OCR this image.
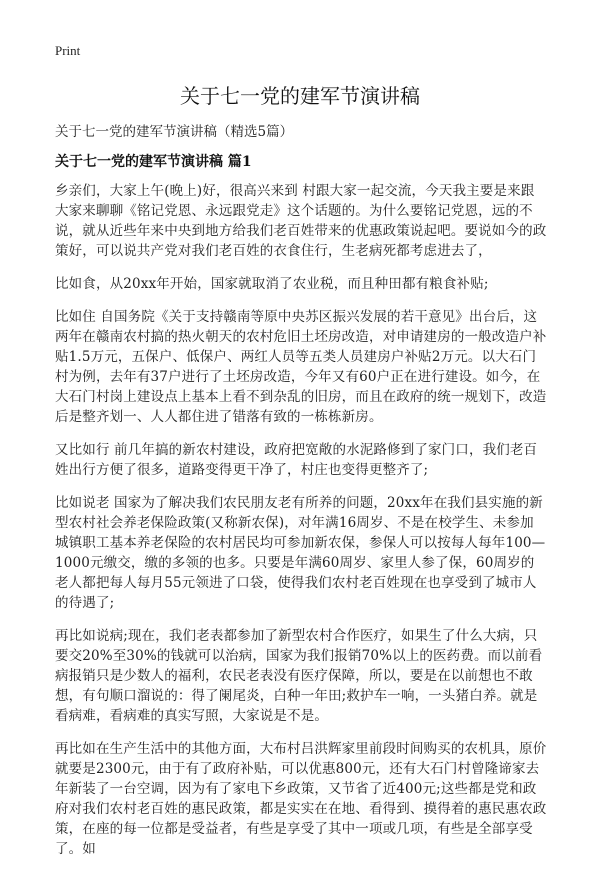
Print
关于七一党的建军节演讲稿

关于七一党的建军节演讲稿（精选5篇）

关于七一党的建军节演讲稿 篇1

乡亲们，大家上午(晚上)好，很高兴来到 村跟大家一起交流，今天我主要是来跟大家来聊聊《铭记党恩、永远跟党走》这个话题的。为什么要铭记党恩，远的不说，就从近些年来中央到地方给我们老百姓带来的优惠政策说起吧。要说如今的政策好，可以说共产党对我们老百姓的衣食住行，生老病死都考虑进去了，

比如食，从20xx年开始，国家就取消了农业税，而且种田都有粮食补贴;

比如住 自国务院《关于支持赣南等原中央苏区振兴发展的若干意见》出台后，这两年在赣南农村搞的热火朝天的农村危旧土坯房改造，对申请建房的一般改造户补贴1.5万元，五保户、低保户、两红人员等五类人员建房户补贴2万元。以大石门村为例，去年有37户进行了土坯房改造，今年又有60户正在进行建设。如今，在大石门村岗上建设点上基本上看不到杂乱的旧房，而且在政府的统一规划下，改造后是整齐划一、人人都住进了错落有致的一栋栋新房。

又比如行 前几年搞的新农村建设，政府把宽敞的水泥路修到了家门口，我们老百姓出行方便了很多，道路变得更干净了，村庄也变得更整齐了;

比如说老 国家为了解决我们农民朋友老有所养的问题，20xx年在我们县实施的新型农村社会养老保险政策(又称新农保)，对年满16周岁、不是在校学生、未参加城镇职工基本养老保险的农村居民均可参加新农保，参保人可以按每人每年100—1000元缴交，缴的多领的也多。只要是年满60周岁、家里人参了保，60周岁的老人都把每人每月55元领进了口袋，使得我们农村老百姓现在也享受到了城市人的待遇了;

再比如说病;现在，我们老表都参加了新型农村合作医疗，如果生了什么大病，只要交20%至30%的钱就可以治病，国家为我们报销70%以上的医药费。而以前看病报销只是少数人的福利，农民老表没有医疗保障，所以，要是在以前想也不敢想，有句顺口溜说的：得了阑尾炎，白种一年田;救护车一响，一头猪白养。就是看病难，看病难的真实写照，大家说是不是。

再比如在生产生活中的其他方面，大布村吕洪辉家里前段时间购买的农机具，原价就要是2300元，由于有了政府补贴，可以优惠800元，还有大石门村曾隆谛家去年新装了一台空调，因为有了家电下乡政策，又节省了近400元;这些都是党和政府对我们农村老百姓的惠民政策，都是实实在在地、看得到、摸得着的惠民惠农政策，在座的每一位都是受益者，有些是享受了其中一项或几项，有些是全部享受了。如
